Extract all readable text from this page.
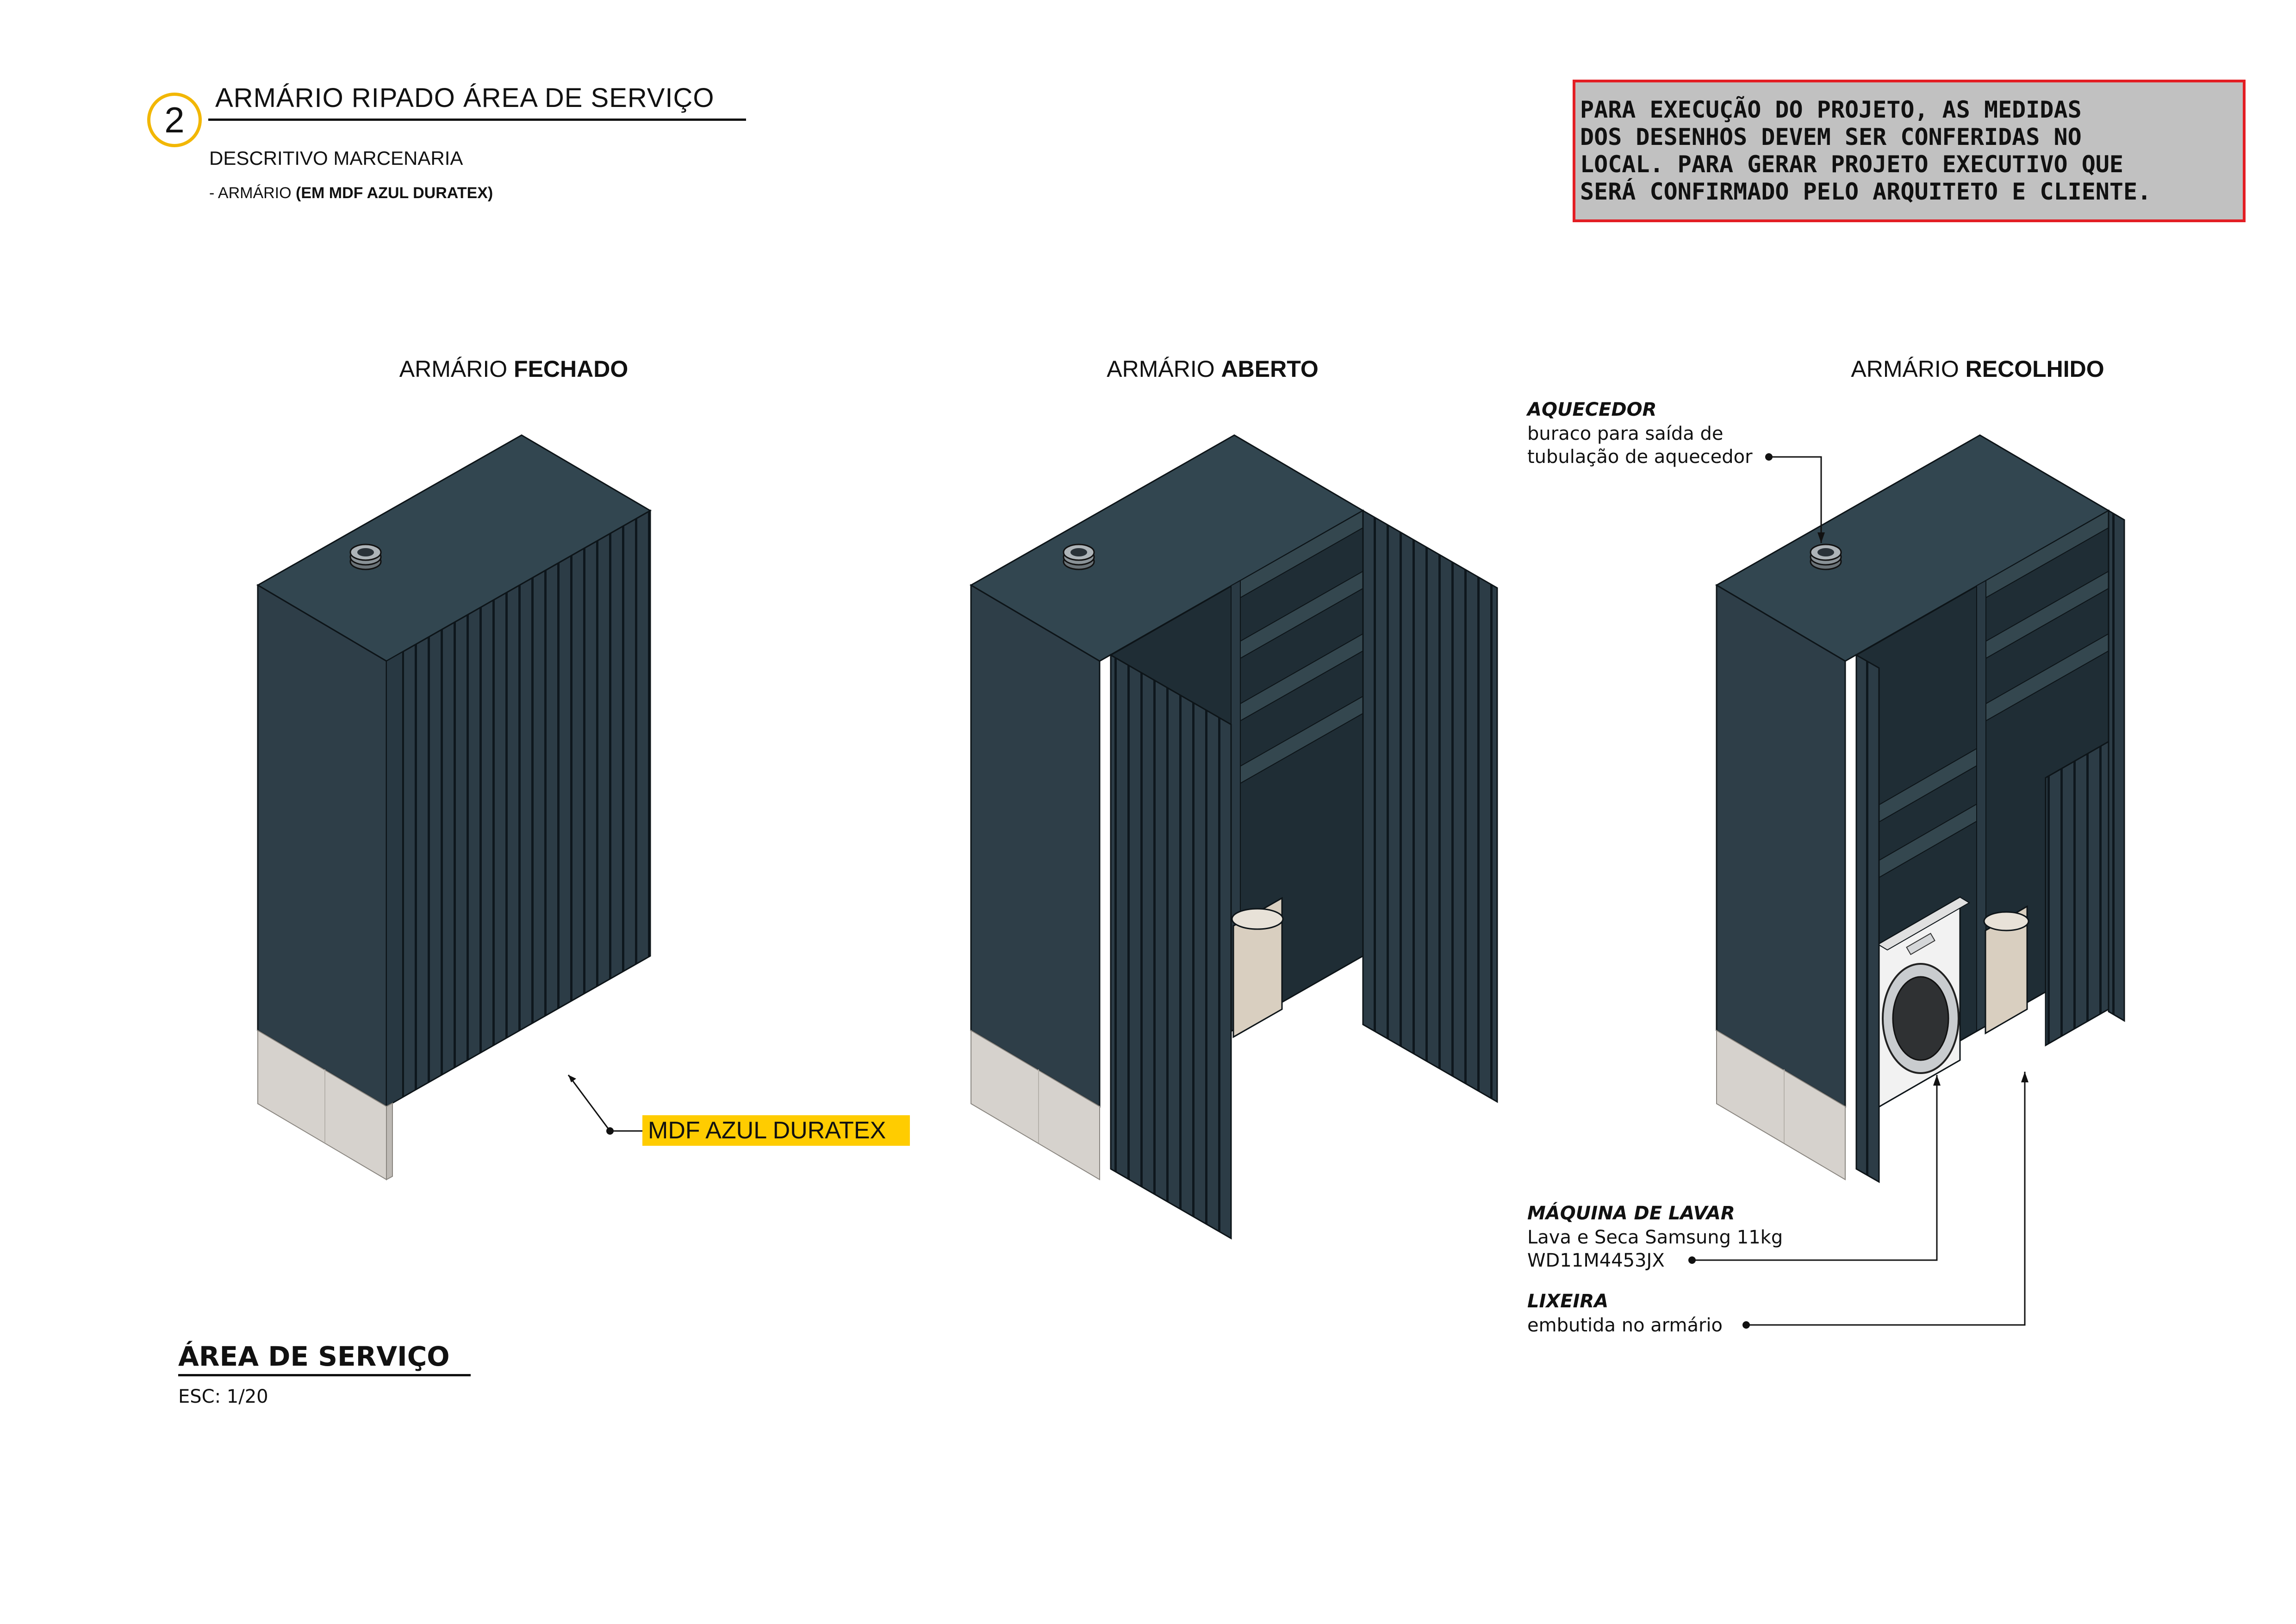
2
ARMÁRIO RIPADO ÁREA DE SERVIÇO
DESCRITIVO MARCENARIA
- ARMÁRIO (EM MDF AZUL DURATEX)
PARA EXECUÇÃO DO PROJETO, AS MEDIDAS
DOS DESENHOS DEVEM SER CONFERIDAS NO
LOCAL. PARA GERAR PROJETO EXECUTIVO QUE
SERÁ CONFIRMADO PELO ARQUITETO E CLIENTE.
ARMÁRIO FECHADO	ARMÁRIO ABERTO	ARMÁRIO RECOLHIDO
MDF AZUL DURATEX
AQUECEDOR
buraco para saída de
tubulação de aquecedor
MÁQUINA DE LAVAR
Lava e Seca Samsung 11kg
WD11M4453JX
LIXEIRA
embutida no armário
ÁREA DE SERVIÇO
ESC: 1/20
